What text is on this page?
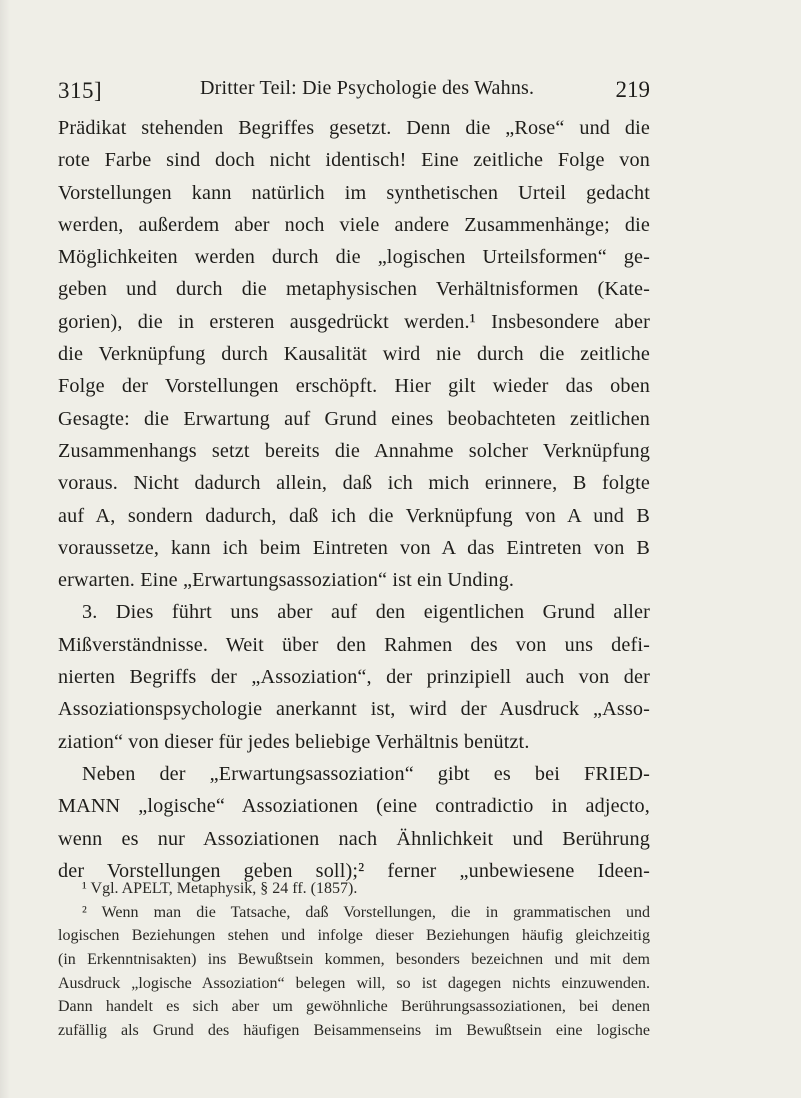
315]	Dritter Teil: Die Psychologie des Wahns.	219
Prädikat stehenden Begriffes gesetzt. Denn die „Rose“ und die
rote Farbe sind doch nicht identisch! Eine zeitliche Folge von
Vorstellungen kann natürlich im synthetischen Urteil gedacht
werden, außerdem aber noch viele andere Zusammenhänge; die
Möglichkeiten werden durch die „logischen Urteilsformen“ ge-
geben und durch die metaphysischen Verhältnisformen (Kate-
gorien), die in ersteren ausgedrückt werden.¹ Insbesondere aber
die Verknüpfung durch Kausalität wird nie durch die zeitliche
Folge der Vorstellungen erschöpft. Hier gilt wieder das oben
Gesagte: die Erwartung auf Grund eines beobachteten zeitlichen
Zusammenhangs setzt bereits die Annahme solcher Verknüpfung
voraus. Nicht dadurch allein, daß ich mich erinnere, B folgte
auf A, sondern dadurch, daß ich die Verknüpfung von A und B
voraussetze, kann ich beim Eintreten von A das Eintreten von B
erwarten. Eine „Erwartungsassoziation“ ist ein Unding.
3. Dies führt uns aber auf den eigentlichen Grund aller
Mißverständnisse. Weit über den Rahmen des von uns defi-
nierten Begriffs der „Assoziation“, der prinzipiell auch von der
Assoziationspsychologie anerkannt ist, wird der Ausdruck „Asso-
ziation“ von dieser für jedes beliebige Verhältnis benützt.
Neben der „Erwartungsassoziation“ gibt es bei FRIED-
MANN „logische“ Assoziationen (eine contradictio in adjecto,
wenn es nur Assoziationen nach Ähnlichkeit und Berührung
der Vorstellungen geben soll);² ferner „unbewiesene Ideen-
¹ Vgl. APELT, Metaphysik, § 24 ff. (1857).
² Wenn man die Tatsache, daß Vorstellungen, die in grammatischen und
logischen Beziehungen stehen und infolge dieser Beziehungen häufig gleichzeitig
(in Erkenntnisakten) ins Bewußtsein kommen, besonders bezeichnen und mit dem
Ausdruck „logische Assoziation“ belegen will, so ist dagegen nichts einzuwenden.
Dann handelt es sich aber um gewöhnliche Berührungsassoziationen, bei denen
zufällig als Grund des häufigen Beisammenseins im Bewußtsein eine logische
